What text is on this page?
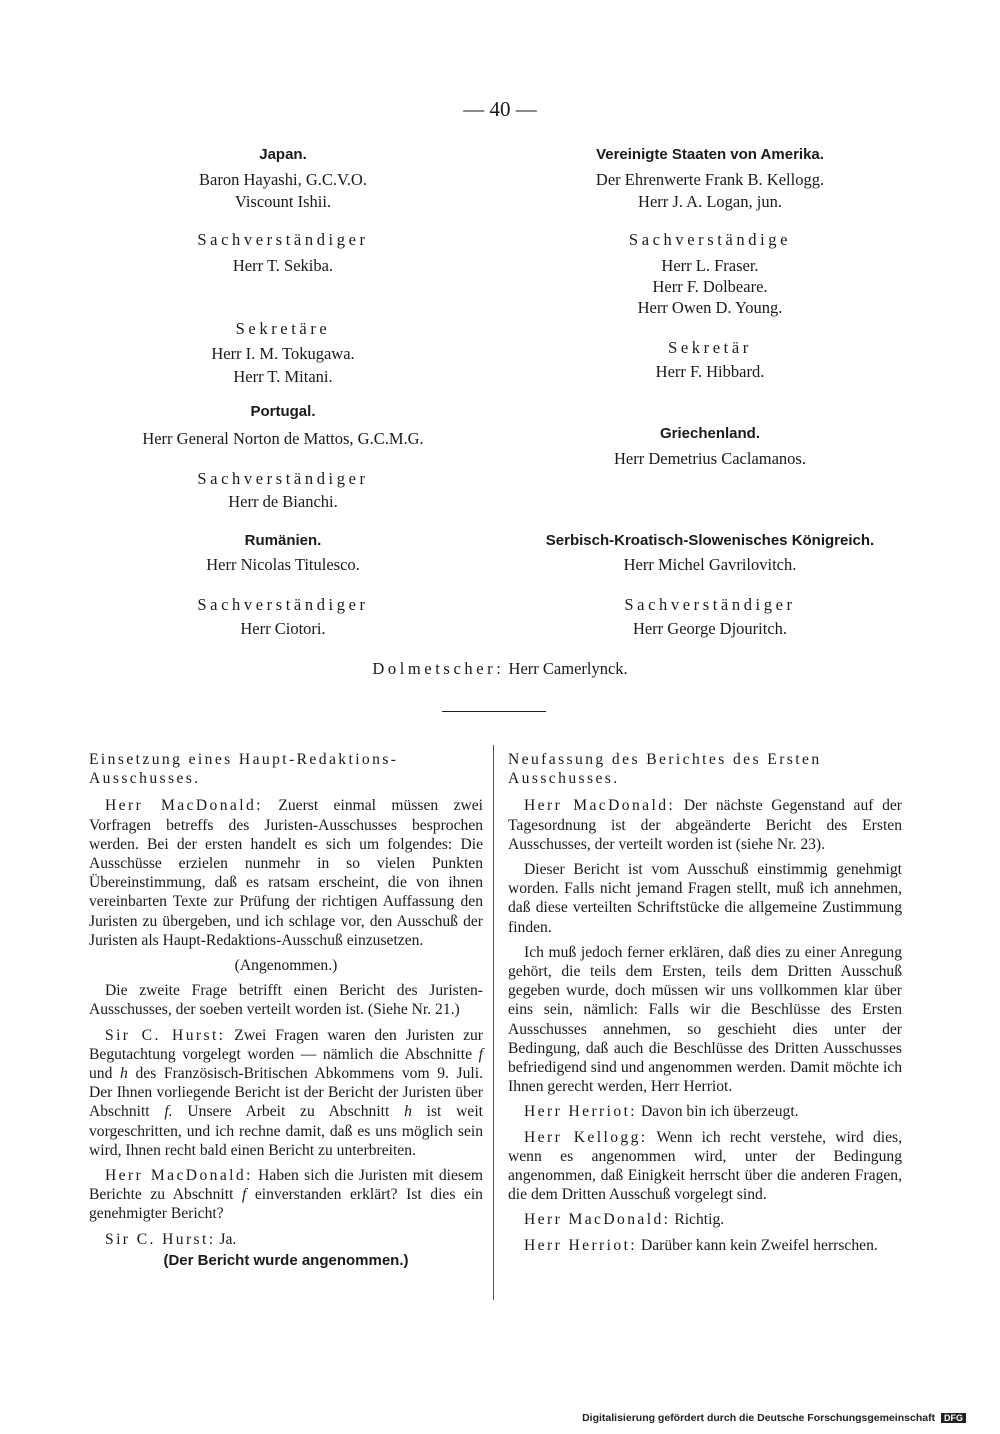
— 40 —
Japan.
Baron Hayashi, G.C.V.O.
Viscount Ishii.
Sachverständiger
Herr T. Sekiba.
Sekretäre
Herr I. M. Tokugawa.
Herr T. Mitani.
Portugal.
Herr General Norton de Mattos, G.C.M.G.
Sachverständiger
Herr de Bianchi.
Rumänien.
Herr Nicolas Titulesco.
Sachverständiger
Herr Ciotori.
Vereinigte Staaten von Amerika.
Der Ehrenwerte Frank B. Kellogg.
Herr J. A. Logan, jun.
Sachverständige
Herr L. Fraser.
Herr F. Dolbeare.
Herr Owen D. Young.
Sekretär
Herr F. Hibbard.
Griechenland.
Herr Demetrius Caclamanos.
Serbisch-Kroatisch-Slowenisches Königreich.
Herr Michel Gavrilovitch.
Sachverständiger
Herr George Djouritch.
Dolmetscher: Herr Camerlynck.

Einsetzung eines Haupt-Redaktions-Ausschusses.

Herr MacDonald: Zuerst einmal müssen zwei Vorfragen betreffs des Juristen-Ausschusses besprochen werden. Bei der ersten handelt es sich um folgendes: Die Ausschüsse erzielen nunmehr in so vielen Punkten Übereinstimmung, daß es ratsam erscheint, die von ihnen vereinbarten Texte zur Prüfung der richtigen Auffassung den Juristen zu übergeben, und ich schlage vor, den Ausschuß der Juristen als Haupt-Redaktions-Ausschuß einzusetzen.

(Angenommen.)

Die zweite Frage betrifft einen Bericht des Juristen-Ausschusses, der soeben verteilt worden ist. (Siehe Nr. 21.)

Sir C. Hurst: Zwei Fragen waren den Juristen zur Begutachtung vorgelegt worden — nämlich die Abschnitte f und h des Französisch-Britischen Abkommens vom 9. Juli. Der Ihnen vorliegende Bericht ist der Bericht der Juristen über Abschnitt f. Unsere Arbeit zu Abschnitt h ist weit vorgeschritten, und ich rechne damit, daß es uns möglich sein wird, Ihnen recht bald einen Bericht zu unterbreiten.

Herr MacDonald: Haben sich die Juristen mit diesem Berichte zu Abschnitt f einverstanden erklärt? Ist dies ein genehmigter Bericht?

Sir C. Hurst: Ja.

(Der Bericht wurde angenommen.)

Neufassung des Berichtes des Ersten Ausschusses.

Herr MacDonald: Der nächste Gegenstand auf der Tagesordnung ist der abgeänderte Bericht des Ersten Ausschusses, der verteilt worden ist (siehe Nr. 23).

Dieser Bericht ist vom Ausschuß einstimmig genehmigt worden. Falls nicht jemand Fragen stellt, muß ich annehmen, daß diese verteilten Schriftstücke die allgemeine Zustimmung finden.

Ich muß jedoch ferner erklären, daß dies zu einer Anregung gehört, die teils dem Ersten, teils dem Dritten Ausschuß gegeben wurde, doch müssen wir uns vollkommen klar über eins sein, nämlich: Falls wir die Beschlüsse des Ersten Ausschusses annehmen, so geschieht dies unter der Bedingung, daß auch die Beschlüsse des Dritten Ausschusses befriedigend sind und angenommen werden. Damit möchte ich Ihnen gerecht werden, Herr Herriot.

Herr Herriot: Davon bin ich überzeugt.

Herr Kellogg: Wenn ich recht verstehe, wird dies, wenn es angenommen wird, unter der Bedingung angenommen, daß Einigkeit herrscht über die anderen Fragen, die dem Dritten Ausschuß vorgelegt sind.

Herr MacDonald: Richtig.

Herr Herriot: Darüber kann kein Zweifel herrschen.

Digitalisierung gefördert durch die Deutsche Forschungsgemeinschaft DFG
